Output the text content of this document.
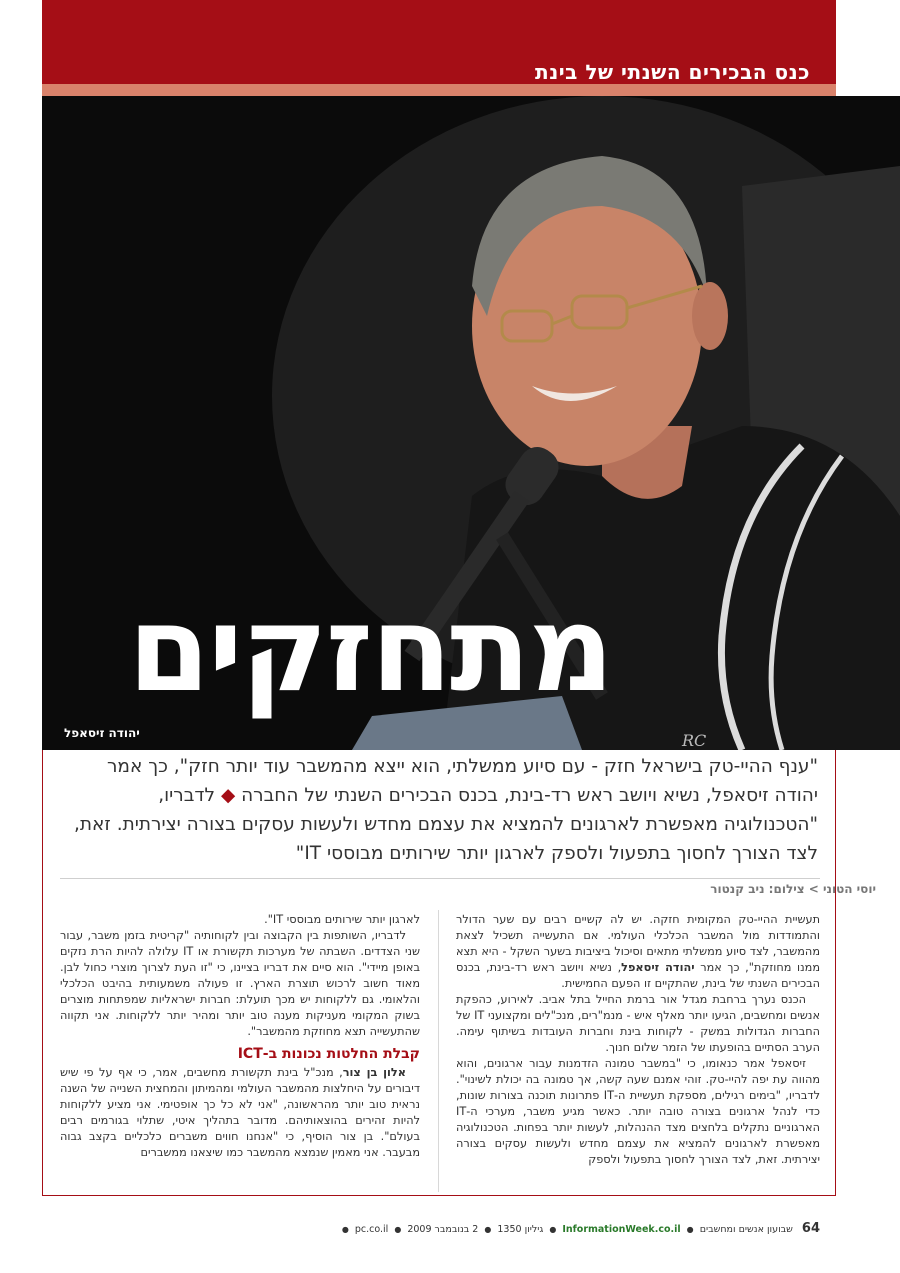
כנס הבכירים השנתי של בינת
RC
מתחזקים
יהודה זיסאפל
"ענף ההיי-טק בישראל חזק - עם סיוע ממשלתי, הוא ייצא מהמשבר עוד יותר חזק", כך אמר יהודה זיסאפל, נשיא ויושב ראש רד-בינת, בכנס הבכירים השנתי של החברה ◆ לדבריו, "הטכנולוגיה מאפשרת לארגונים להמציא את עצמם מחדש ולעשות עסקים בצורה יצירתית. זאת, לצד הצורך לחסוך בתפעול ולספק לארגון יותר שירותים מבוססי IT"
יוסי הטוני > צילום: ניב קנטור

תעשיית ההיי-טק המקומית חזקה. יש לה קשיים רבים עם שער הדולר והתמודדות מול המשבר הכלכלי העולמי. אם התעשייה תשכיל לצאת מהמשבר, לצד סיוע ממשלתי מתאים וסיכול ביציבות בשער השקל - היא תצא ממנו מחוזקת", כך אמר יהודה זיסאפל, נשיא ויושב ראש רד-בינת, בכנס הבכירים השנתי של בינת, שהתקיים זו הפעם החמישית.

הכנס נערך ברחבת מגדל אור ברמת החייל בתל אביב. לאירוע, כהפקת אנשים ומחשבים, הגיעו יותר מאלף איש - מנמ"רים, מנכ"לים ומקצועני IT של החברות הגדולות במשק - לקוחות בינת וחברות העובדות בשיתוף עימה. הערב הסתיים בהופעתו של הזמר שלום חנוך.

זיסאפל אמר כנאומו, כי "במשבר טמונה הזדמנות עבור ארגונים, והוא מהווה עת יפה להיי-טק. זוהי אמנם שעה קשה, אך טמונה בה יכולת לשינוי". לדבריו, "בימים רגילים, מספקת תעשיית ה-IT פתרונות תוכנה בצורות שונות, כדי לנהל ארגונים בצורה טובה יותר. כאשר מגיע משבר, מערכי ה-IT הארגוניים נתקלים בלחצים מצד ההנהלות, לעשות יותר בפחות. הטכנולוגיה מאפשרת לארגונים להמציא את עצמם מחדש ולעשות עסקים בצורה יצירתית. זאת, לצד הצורך לחסוך בתפעול ולספק

לארגון יותר שירותים מבוססי IT".

לדבריו, השותפות בין הקבוצה ובין לקוחותיה "קריטית בזמן משבר, עבור שני הצדדים. השבתה של מערכות תקשורת או IT עלולה להיות הרת נזקים באופן מיידי". הוא סיים את דבריו בציינו, כי "זו העת לצרוך מוצרי כחול לבן. מאוד חשוב לרכוש תוצרת הארץ. זו פעולה משמעותית בהיבט הכלכלי והלאומי. גם ללקוחות יש מכך תועלת: חברות ישראליות שמפתחות מוצרים בשוק המקומי מעניקות מענה טוב יותר ומהיר יותר ללקוחות. אני תקווה שהתעשייה תצא מחוזקת מהמשבר".

קבלת החלטות נכונות ב-ICT

אלון בן צור, מנכ"ל בינת תקשורת מחשבים, אמר, כי אף על פי שיש דיבורים על היחלצות מהמשבר העולמי ומהמיתון והמחצית השנייה של השנה נראית טוב יותר מהראשונה, "אני לא כל כך אופטימי. אני מציע ללקוחות להיות זהירים בהוצאותיהם. מדובר בתהליך איטי, שתלוי בגורמים רבים בעולם". בן צור הוסיף, כי "אנחנו חווים משברים כלכליים בקצב גבוה מבעבר. אני מאמין שנמצא מהמשבר כמו שיצאנו ממשברים

64 שבועון אנשים ומחשבים ● InformationWeek.co.il ● גיליון 1350 ● 2 בנובמבר 2009 ● pc.co.il ●
